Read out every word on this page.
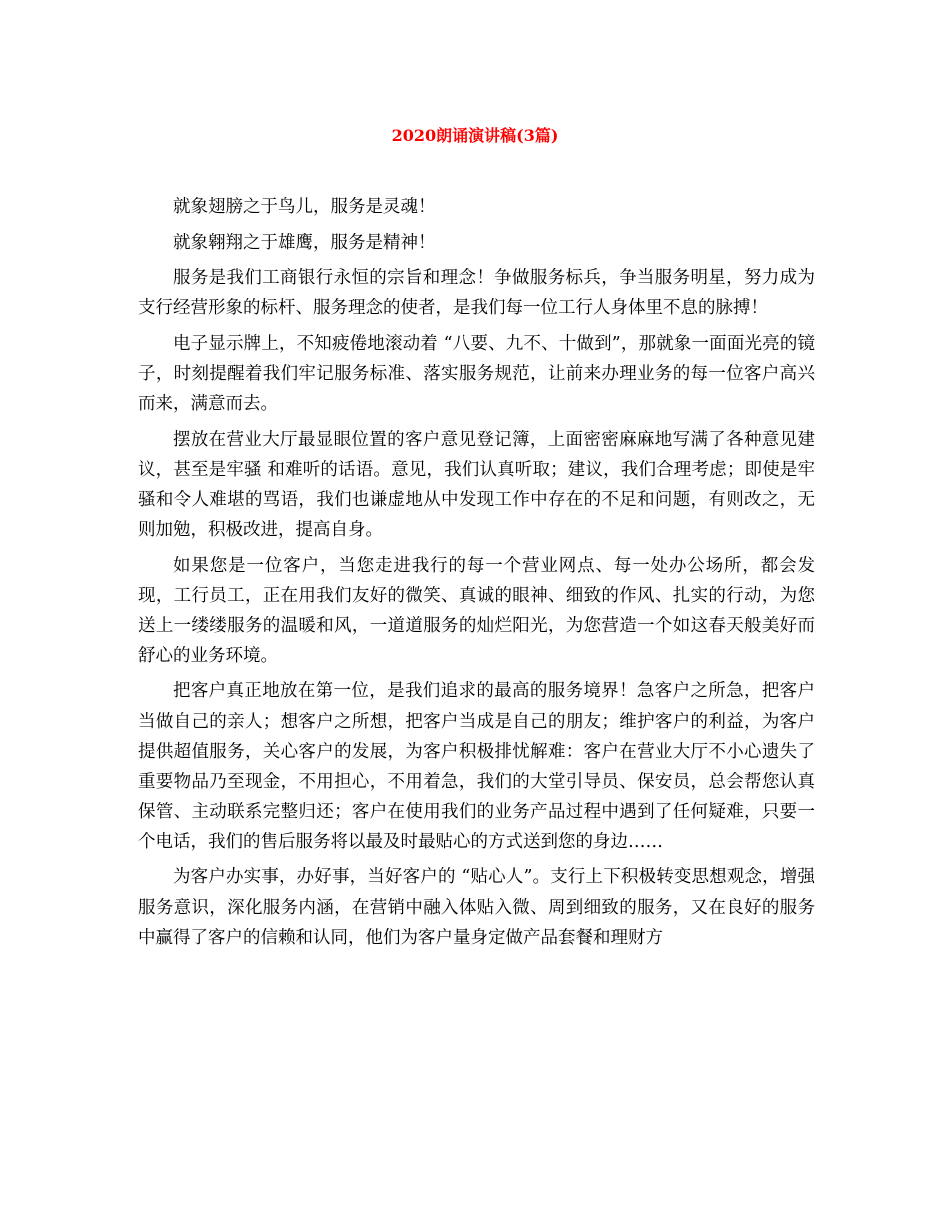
2020朗诵演讲稿(3篇)

就象翅膀之于鸟儿，服务是灵魂！

就象翱翔之于雄鹰，服务是精神！

服务是我们工商银行永恒的宗旨和理念！争做服务标兵，争当服务明星，努力成为支行经营形象的标杆、服务理念的使者，是我们每一位工行人身体里不息的脉搏！

电子显示牌上，不知疲倦地滚动着 “八要、九不、十做到”，那就象一面面光亮的镜子，时刻提醒着我们牢记服务标准、落实服务规范，让前来办理业务的每一位客户高兴而来，满意而去。

摆放在营业大厅最显眼位置的客户意见登记簿，上面密密麻麻地写满了各种意见建议，甚至是牢骚 和难听的话语。意见，我们认真听取；建议，我们合理考虑；即使是牢骚和令人难堪的骂语，我们也谦虚地从中发现工作中存在的不足和问题，有则改之，无则加勉，积极改进，提高自身。

如果您是一位客户，当您走进我行的每一个营业网点、每一处办公场所，都会发现，工行员工，正在用我们友好的微笑、真诚的眼神、细致的作风、扎实的行动，为您送上一缕缕服务的温暖和风，一道道服务的灿烂阳光，为您营造一个如这春天般美好而舒心的业务环境。

把客户真正地放在第一位，是我们追求的最高的服务境界！急客户之所急，把客户当做自己的亲人；想客户之所想，把客户当成是自己的朋友；维护客户的利益，为客户提供超值服务，关心客户的发展，为客户积极排忧解难：客户在营业大厅不小心遗失了重要物品乃至现金，不用担心，不用着急，我们的大堂引导员、保安员，总会帮您认真保管、主动联系完整归还；客户在使用我们的业务产品过程中遇到了任何疑难，只要一个电话，我们的售后服务将以最及时最贴心的方式送到您的身边……

为客户办实事，办好事，当好客户的 “贴心人”。支行上下积极转变思想观念，增强服务意识，深化服务内涵，在营销中融入体贴入微、周到细致的服务，又在良好的服务中赢得了客户的信赖和认同，他们为客户量身定做产品套餐和理财方
